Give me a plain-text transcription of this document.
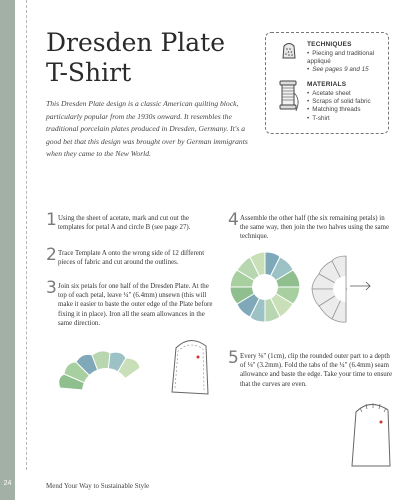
Dresden Plate
T-Shirt
TECHNIQUES
• Piecing and traditional appliqué
• See pages 9 and 15
MATERIALS
• Acetate sheet
• Scraps of solid fabric
• Matching threads
• T-shirt
This Dresden Plate design is a classic American quilting block, particularly popular from the 1930s onward. It resembles the traditional porcelain plates produced in Dresden, Germany. It's a good bet that this design was brought over by German immigrants when they came to the New World.
1 Using the sheet of acetate, mark and cut out the templates for petal A and circle B (see page 27).
2 Trace Template A onto the wrong side of 12 different pieces of fabric and cut around the outlines.
3 Join six petals for one half of the Dresden Plate. At the top of each petal, leave ¼" (6.4mm) unsewn (this will make it easier to baste the outer edge of the Plate before fixing it in place). Iron all the seam allowances in the same direction.
4 Assemble the other half (the six remaining petals) in the same way, then join the two halves using the same technique.
5 Every ⅜" (1cm), clip the rounded outer part to a depth of ⅛" (3.2mm). Fold the tabs of the ¼" (6.4mm) seam allowance and baste the edge. Take your time to ensure that the curves are even.
24	Mend Your Way to Sustainable Style
